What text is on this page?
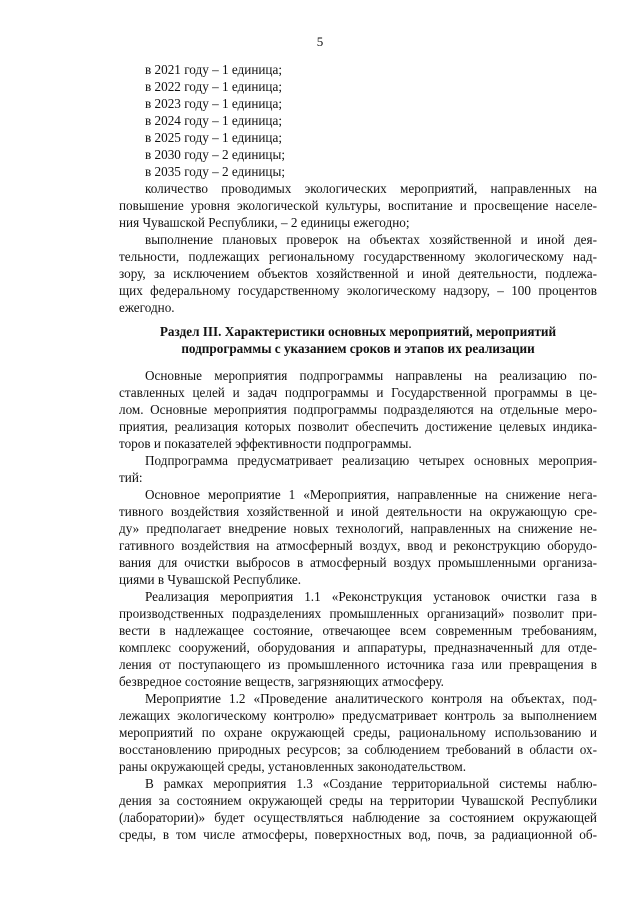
5
в 2021 году – 1 единица;
в 2022 году – 1 единица;
в 2023 году – 1 единица;
в 2024 году – 1 единица;
в 2025 году – 1 единица;
в 2030 году – 2 единицы;
в 2035 году – 2 единицы;
количество проводимых экологических мероприятий, направленных на
повышение уровня экологической культуры, воспитание и просвещение населе-
ния Чувашской Республики, – 2 единицы ежегодно;
выполнение плановых проверок на объектах хозяйственной и иной дея-
тельности, подлежащих региональному государственному экологическому над-
зору, за исключением объектов хозяйственной и иной деятельности, подлежа-
щих федеральному государственному экологическому надзору, – 100 процентов
ежегодно.
Раздел III. Характеристики основных мероприятий, мероприятий
подпрограммы с указанием сроков и этапов их реализации
Основные мероприятия подпрограммы направлены на реализацию по-
ставленных целей и задач подпрограммы и Государственной программы в це-
лом. Основные мероприятия подпрограммы подразделяются на отдельные меро-
приятия, реализация которых позволит обеспечить достижение целевых индика-
торов и показателей эффективности подпрограммы.
Подпрограмма предусматривает реализацию четырех основных мероприя-
тий:
Основное мероприятие 1 «Мероприятия, направленные на снижение нега-
тивного воздействия хозяйственной и иной деятельности на окружающую сре-
ду» предполагает внедрение новых технологий, направленных на снижение не-
гативного воздействия на атмосферный воздух, ввод и реконструкцию оборудо-
вания для очистки выбросов в атмосферный воздух промышленными организа-
циями в Чувашской Республике.
Реализация мероприятия 1.1 «Реконструкция установок очистки газа в
производственных подразделениях промышленных организаций» позволит при-
вести в надлежащее состояние, отвечающее всем современным требованиям,
комплекс сооружений, оборудования и аппаратуры, предназначенный для отде-
ления от поступающего из промышленного источника газа или превращения в
безвредное состояние веществ, загрязняющих атмосферу.
Мероприятие 1.2 «Проведение аналитического контроля на объектах, под-
лежащих экологическому контролю» предусматривает контроль за выполнением
мероприятий по охране окружающей среды, рациональному использованию и
восстановлению природных ресурсов; за соблюдением требований в области ох-
раны окружающей среды, установленных законодательством.
В рамках мероприятия 1.3 «Создание территориальной системы наблю-
дения за состоянием окружающей среды на территории Чувашской Республики
(лаборатории)» будет осуществляться наблюдение за состоянием окружающей
среды, в том числе атмосферы, поверхностных вод, почв, за радиационной об-
